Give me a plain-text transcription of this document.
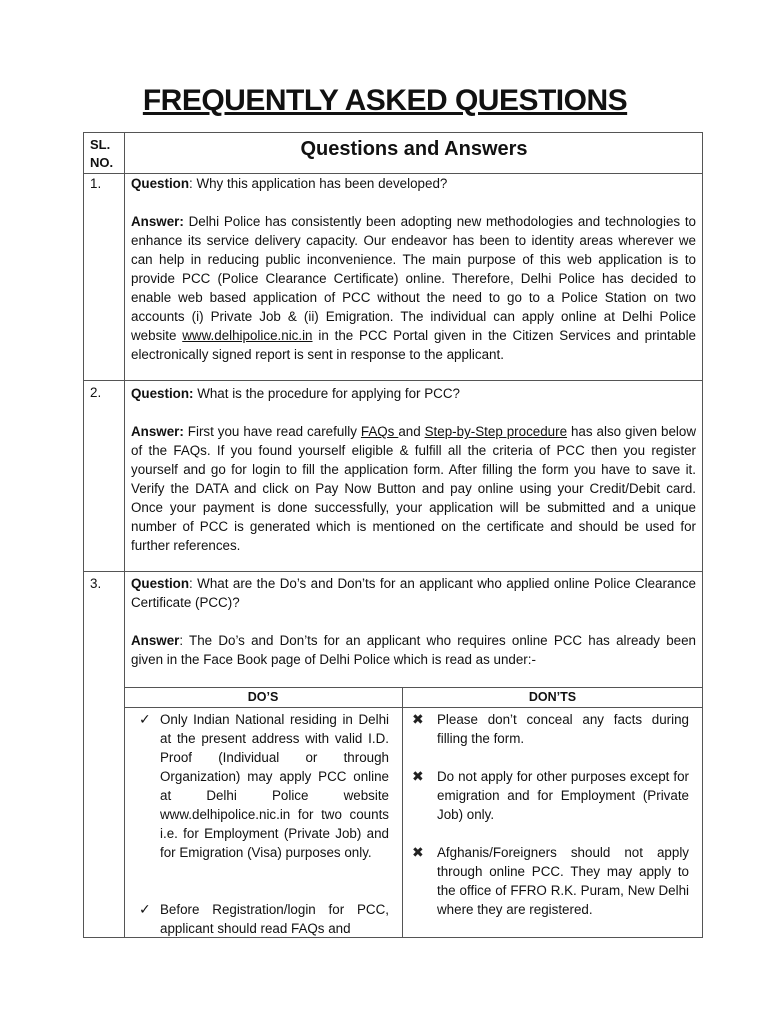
FREQUENTLY ASKED QUESTIONS
SL.
NO.
Questions and Answers
1. Question: Why this application has been developed?

Answer: Delhi Police has consistently been adopting new methodologies and technologies to enhance its service delivery capacity. Our endeavor has been to identity areas wherever we can help in reducing public inconvenience. The main purpose of this web application is to provide PCC (Police Clearance Certificate) online. Therefore, Delhi Police has decided to enable web based application of PCC without the need to go to a Police Station on two accounts (i) Private Job & (ii) Emigration. The individual can apply online at Delhi Police website www.delhipolice.nic.in in the PCC Portal given in the Citizen Services and printable electronically signed report is sent in response to the applicant.

2. Question: What is the procedure for applying for PCC?

Answer: First you have read carefully FAQs and Step-by-Step procedure has also given below of the FAQs. If you found yourself eligible & fulfill all the criteria of PCC then you register yourself and go for login to fill the application form. After filling the form you have to save it. Verify the DATA and click on Pay Now Button and pay online using your Credit/Debit card. Once your payment is done successfully, your application will be submitted and a unique number of PCC is generated which is mentioned on the certificate and should be used for further references.

3. Question: What are the Do’s and Don’ts for an applicant who applied online Police Clearance Certificate (PCC)?

Answer: The Do’s and Don’ts for an applicant who requires online PCC has already been given in the Face Book page of Delhi Police which is read as under:-

DO’S	DON’TS
✓ Only Indian National residing in Delhi at the present address with valid I.D. Proof (Individual or through Organization) may apply PCC online at Delhi Police website www.delhipolice.nic.in for two counts i.e. for Employment (Private Job) and for Emigration (Visa) purposes only.
✓ Before Registration/login for PCC, applicant should read FAQs and
✖ Please don’t conceal any facts during filling the form.
✖ Do not apply for other purposes except for emigration and for Employment (Private Job) only.
✖ Afghanis/Foreigners should not apply through online PCC. They may apply to the office of FFRO R.K. Puram, New Delhi where they are registered.
